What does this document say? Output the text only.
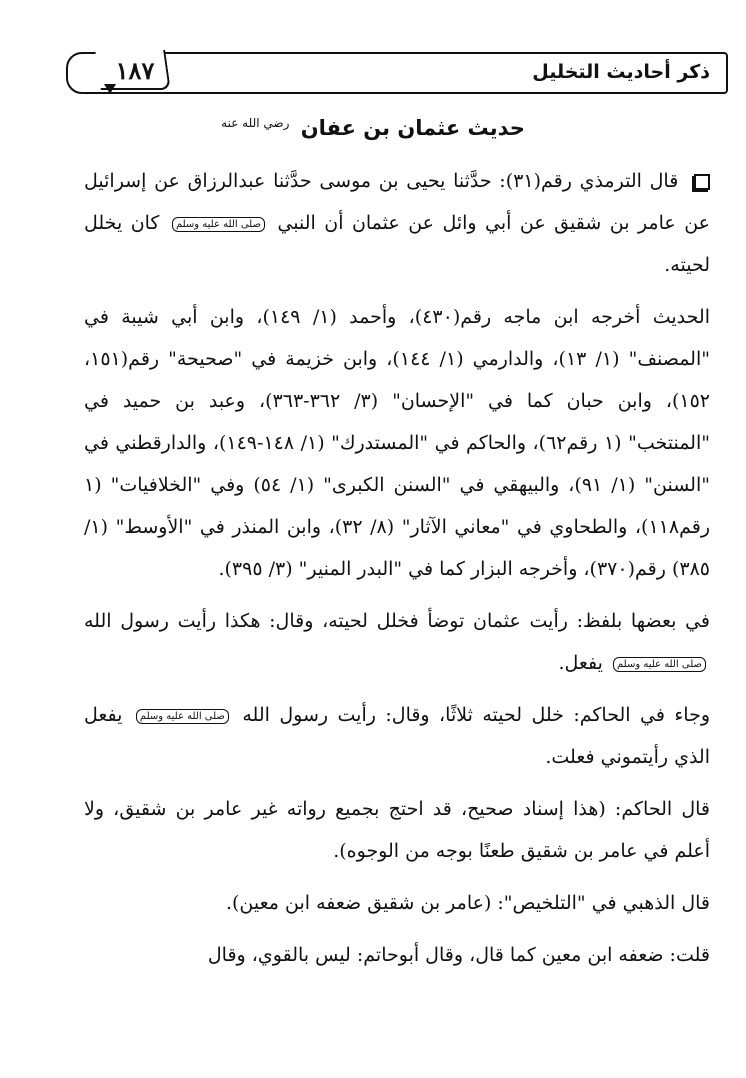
ذكر أحاديث التخليل
١٨٧
حديث عثمان بن عفان $^{رضي الله عنه}$

قال الترمذي رقم(٣١): حدَّثنا يحيى بن موسى حدَّثنا عبدالرزاق عن إسرائيل عن عامر بن شقيق عن أبي وائل عن عثمان أن النبي صلى الله عليه وسلم كان يخلل لحيته.

الحديث أخرجه ابن ماجه رقم(٤٣٠)، وأحمد (١/ ١٤٩)، وابن أبي شيبة في "المصنف" (١/ ١٣)، والدارمي (١/ ١٤٤)، وابن خزيمة في "صحيحة" رقم(١٥١، ١٥٢)، وابن حبان كما في "الإحسان" (٣/ ٣٦٢-٣٦٣)، وعبد بن حميد في "المنتخب" (١ رقم٦٢)، والحاكم في "المستدرك" (١/ ١٤٨-١٤٩)، والدارقطني في "السنن" (١/ ٩١)، والبيهقي في "السنن الكبرى" (١/ ٥٤) وفي "الخلافيات" (١ رقم١١٨)، والطحاوي في "معاني الآثار" (٨/ ٣٢)، وابن المنذر في "الأوسط" (١/ ٣٨٥) رقم(٣٧٠)، وأخرجه البزار كما في "البدر المنير" (٣/ ٣٩٥).

في بعضها بلفظ: رأيت عثمان توضأ فخلل لحيته، وقال: هكذا رأيت رسول الله صلى الله عليه وسلم يفعل.

وجاء في الحاكم: خلل لحيته ثلاثًا، وقال: رأيت رسول الله صلى الله عليه وسلم يفعل الذي رأيتموني فعلت.

قال الحاكم: (هذا إسناد صحيح، قد احتج بجميع رواته غير عامر بن شقيق، ولا أعلم في عامر بن شقيق طعنًا بوجه من الوجوه).

قال الذهبي في "التلخيص": (عامر بن شقيق ضعفه ابن معين).

قلت: ضعفه ابن معين كما قال، وقال أبوحاتم: ليس بالقوي، وقال
